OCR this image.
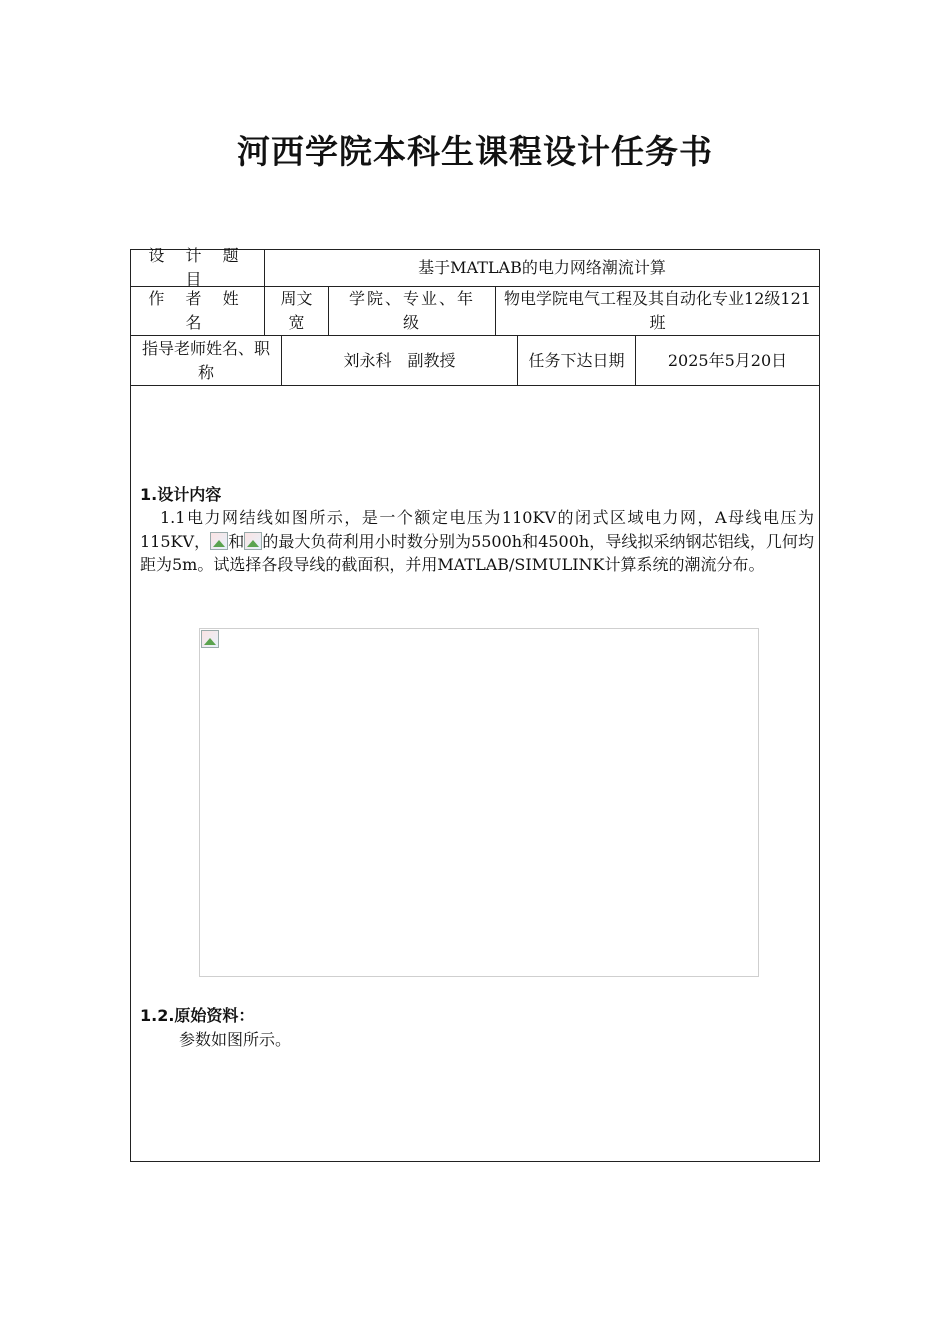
河西学院本科生课程设计任务书
设 计 题 目
基于MATLAB的电力网络潮流计算
作 者 姓 名
周文宽
学院、专业、年级
物电学院电气工程及其自动化专业12级121班
指导老师姓名、职称
刘永科　副教授	任务下达日期	2025年5月20日

1.设计内容

1.1电力网结线如图所示，是一个额定电压为110KV的闭式区域电力网，A母线电压为115KV， 和 的最大负荷利用小时数分别为5500h和4500h，导线拟采纳钢芯铝线，几何均距为5m。试选择各段导线的截面积，并用MATLAB/SIMULINK计算系统的潮流分布。

1.2.原始资料：

参数如图所示。
